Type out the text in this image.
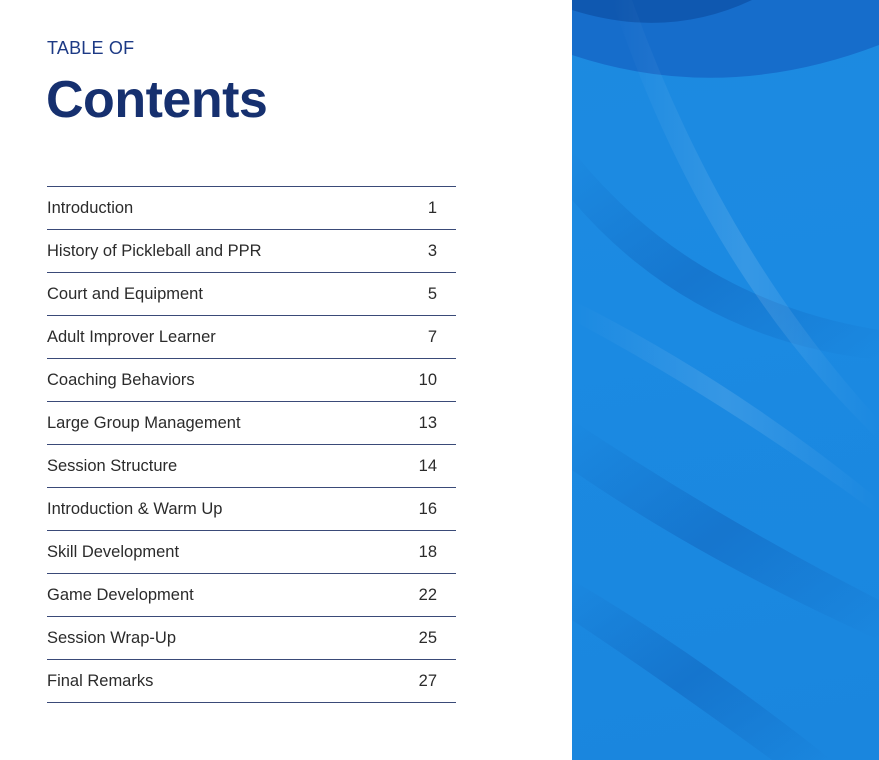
TABLE OF
Contents
Introduction	1
History of Pickleball and PPR	3
Court and Equipment	5
Adult Improver Learner	7
Coaching Behaviors	10
Large Group Management	13
Session Structure	14
Introduction & Warm Up	16
Skill Development	18
Game Development	22
Session Wrap-Up	25
Final Remarks	27
